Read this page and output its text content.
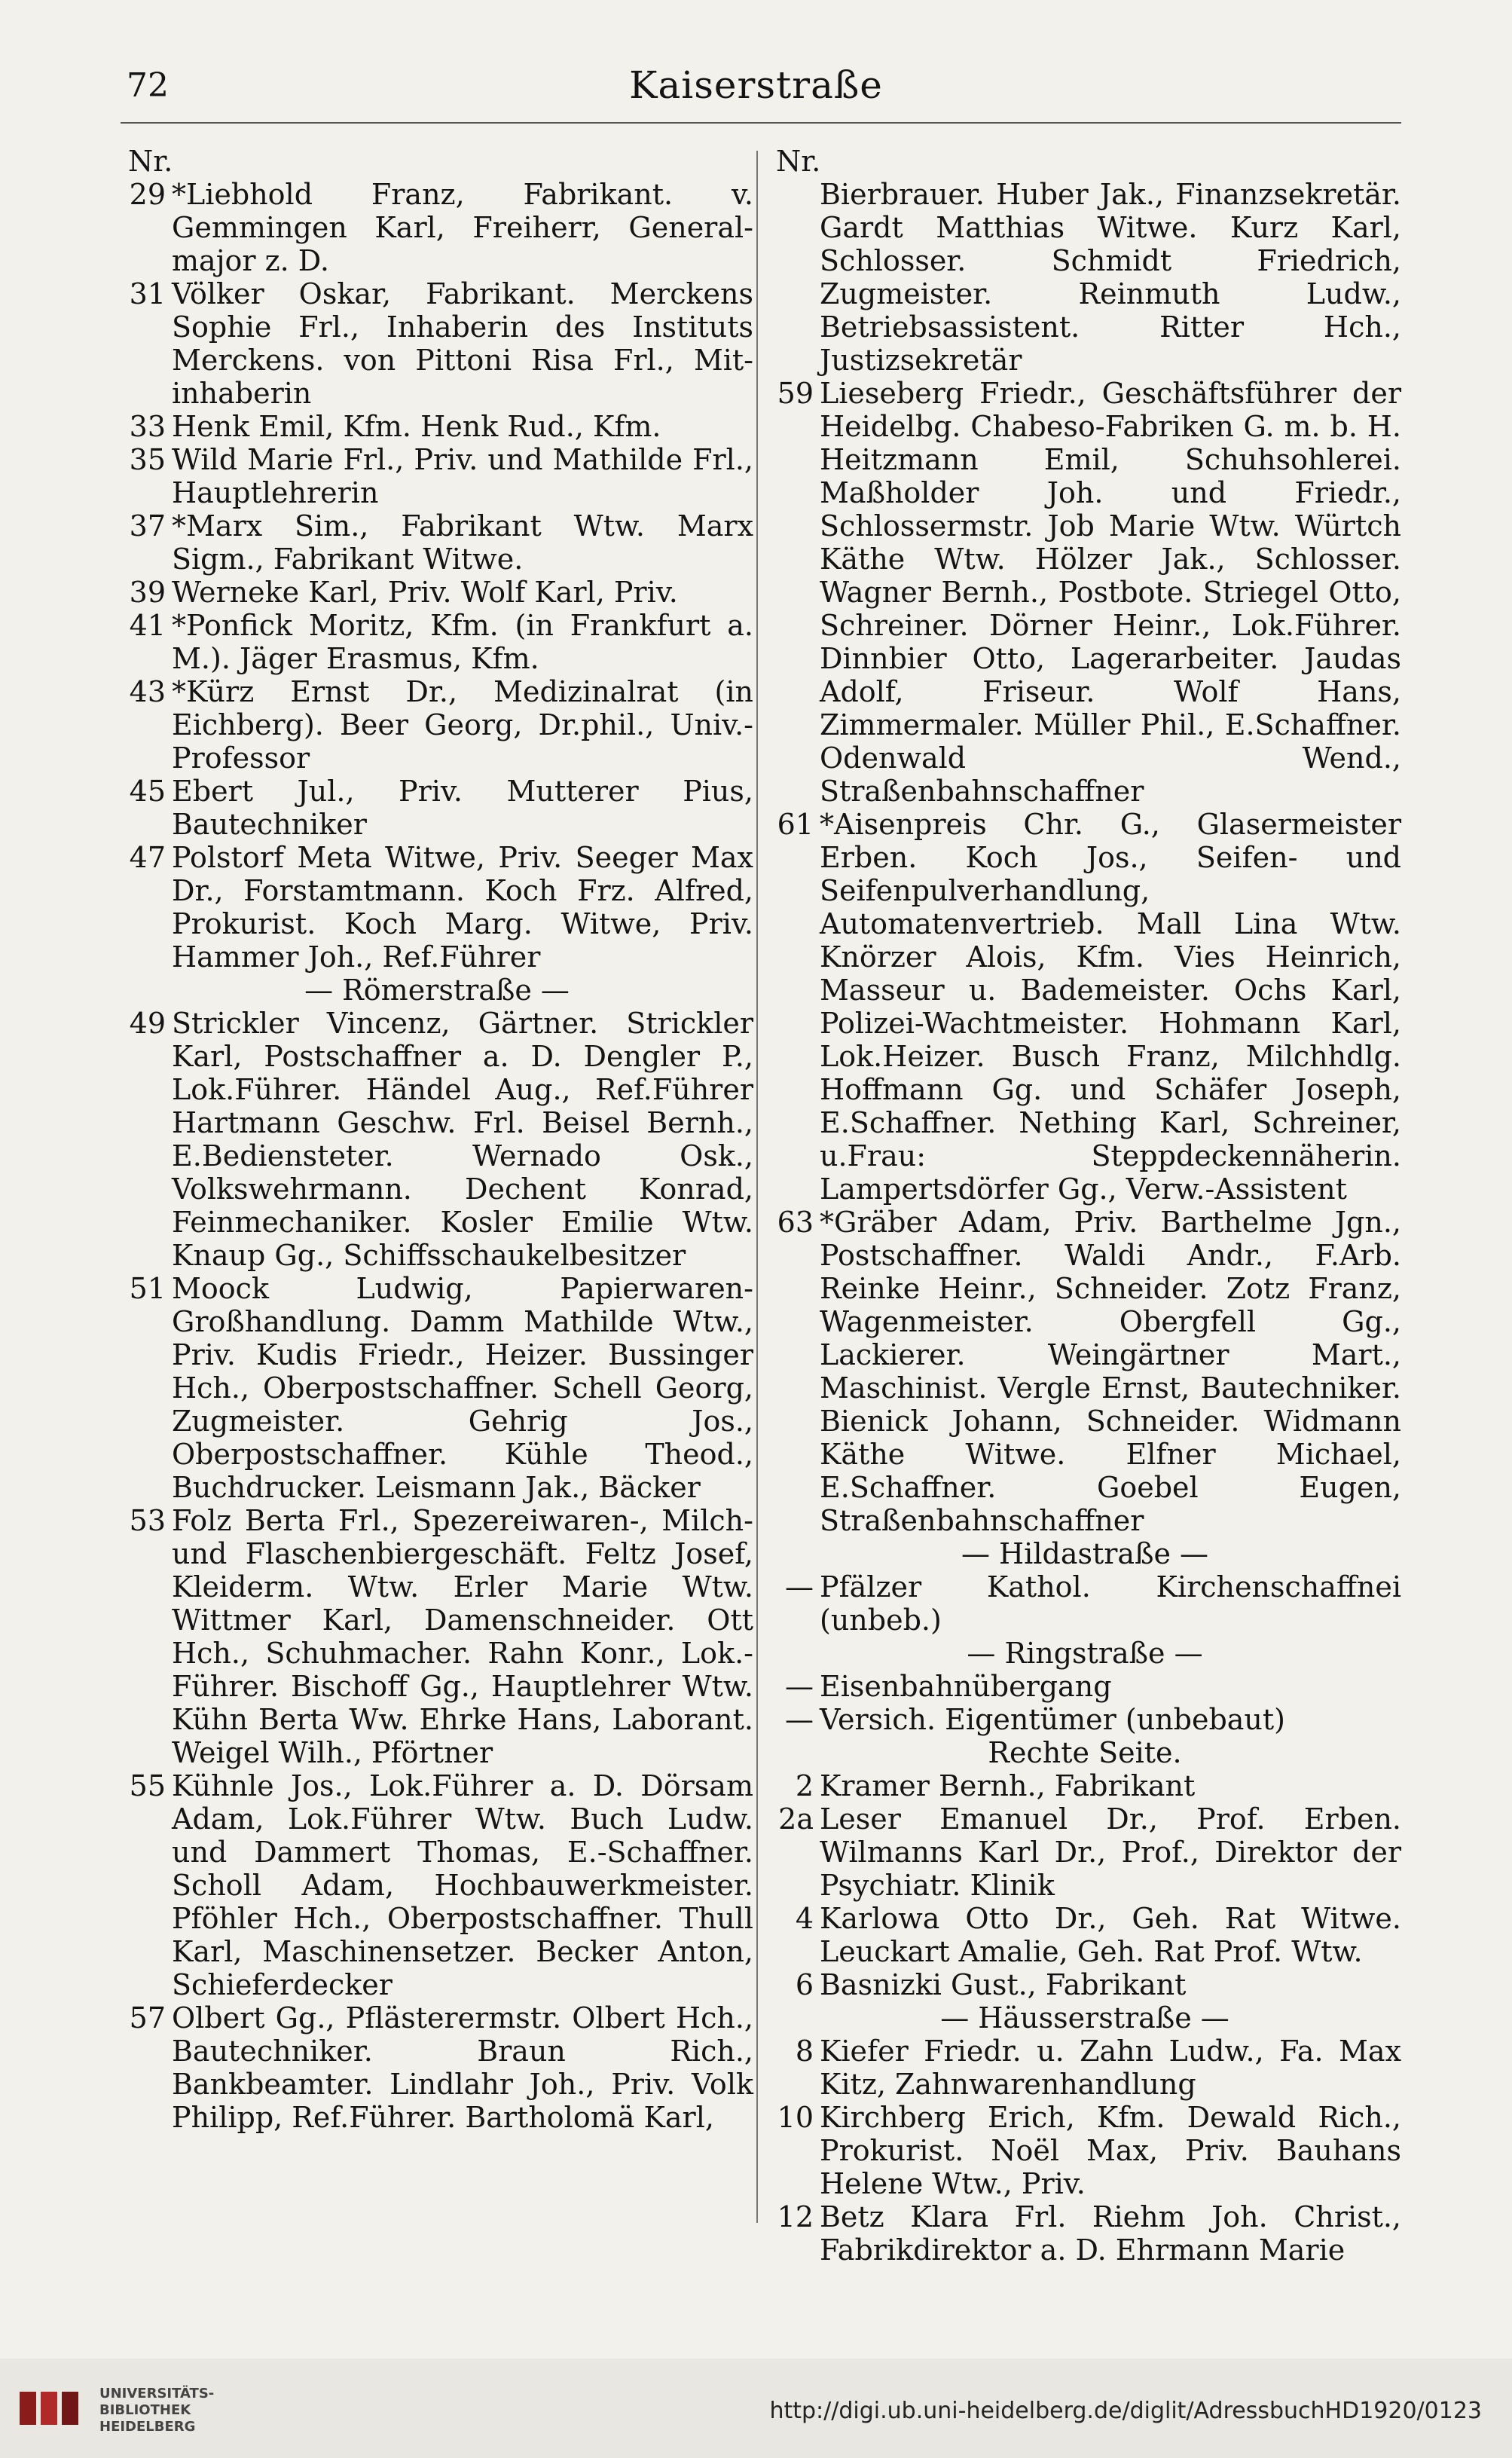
72	Kaiserstraße
Nr.

29 *Liebhold Franz, Fabrikant. v. Gemmingen Karl, Freiherr, General-major z. D.

31 Völker Oskar, Fabrikant. Merckens Sophie Frl., Inhaberin des Instituts Merckens. von Pittoni Risa Frl., Mit-inhaberin

33 Henk Emil, Kfm. Henk Rud., Kfm.

35 Wild Marie Frl., Priv. und Mathilde Frl., Hauptlehrerin

37 *Marx Sim., Fabrikant Wtw. Marx Sigm., Fabrikant Witwe.

39 Werneke Karl, Priv. Wolf Karl, Priv.

41 *Ponfick Moritz, Kfm. (in Frankfurt a. M.). Jäger Erasmus, Kfm.

43 *Kürz Ernst Dr., Medizinalrat (in Eichberg). Beer Georg, Dr.phil., Univ.-Professor

45 Ebert Jul., Priv. Mutterer Pius, Bautechniker

47 Polstorf Meta Witwe, Priv. Seeger Max Dr., Forstamtmann. Koch Frz. Alfred, Prokurist. Koch Marg. Witwe, Priv. Hammer Joh., Ref.Führer

— Römerstraße —

49 Strickler Vincenz, Gärtner. Strickler Karl, Postschaffner a. D. Dengler P., Lok.Führer. Händel Aug., Ref.Führer Hartmann Geschw. Frl. Beisel Bernh., E.Bediensteter. Wernado Osk., Volkswehrmann. Dechent Konrad, Feinmechaniker. Kosler Emilie Wtw. Knaup Gg., Schiffsschaukelbesitzer

51 Moock Ludwig, Papierwaren-Großhandlung. Damm Mathilde Wtw., Priv. Kudis Friedr., Heizer. Bussinger Hch., Oberpostschaffner. Schell Georg, Zugmeister. Gehrig Jos., Oberpostschaffner. Kühle Theod., Buchdrucker. Leismann Jak., Bäcker

53 Folz Berta Frl., Spezereiwaren-, Milch- und Flaschenbiergeschäft. Feltz Josef, Kleiderm. Wtw. Erler Marie Wtw. Wittmer Karl, Damenschneider. Ott Hch., Schuhmacher. Rahn Konr., Lok.-Führer. Bischoff Gg., Hauptlehrer Wtw. Kühn Berta Ww. Ehrke Hans, Laborant. Weigel Wilh., Pförtner

55 Kühnle Jos., Lok.Führer a. D. Dörsam Adam, Lok.Führer Wtw. Buch Ludw. und Dammert Thomas, E.-Schaffner. Scholl Adam, Hochbauwerkmeister. Pföhler Hch., Oberpostschaffner. Thull Karl, Maschinensetzer. Becker Anton, Schieferdecker

57 Olbert Gg., Pflästerermstr. Olbert Hch., Bautechniker. Braun Rich., Bankbeamter. Lindlahr Joh., Priv. Volk Philipp, Ref.Führer. Bartholomä Karl,

Nr.

Bierbrauer. Huber Jak., Finanzsekretär. Gardt Matthias Witwe. Kurz Karl, Schlosser. Schmidt Friedrich, Zugmeister. Reinmuth Ludw., Betriebsassistent. Ritter Hch., Justizsekretär

59 Lieseberg Friedr., Geschäftsführer der Heidelbg. Chabeso-Fabriken G. m. b. H. Heitzmann Emil, Schuhsohlerei. Maßholder Joh. und Friedr., Schlossermstr. Job Marie Wtw. Würtch Käthe Wtw. Hölzer Jak., Schlosser. Wagner Bernh., Postbote. Striegel Otto, Schreiner. Dörner Heinr., Lok.Führer. Dinnbier Otto, Lagerarbeiter. Jaudas Adolf, Friseur. Wolf Hans, Zimmermaler. Müller Phil., E.Schaffner. Odenwald Wend., Straßenbahnschaffner

61 *Aisenpreis Chr. G., Glasermeister Erben. Koch Jos., Seifen- und Seifenpulverhandlung, Automatenvertrieb. Mall Lina Wtw. Knörzer Alois, Kfm. Vies Heinrich, Masseur u. Bademeister. Ochs Karl, Polizei-Wachtmeister. Hohmann Karl, Lok.Heizer. Busch Franz, Milchhdlg. Hoffmann Gg. und Schäfer Joseph, E.Schaffner. Nething Karl, Schreiner, u.Frau: Steppdeckennäherin. Lampertsdörfer Gg., Verw.-Assistent

63 *Gräber Adam, Priv. Barthelme Jgn., Postschaffner. Waldi Andr., F.Arb. Reinke Heinr., Schneider. Zotz Franz, Wagenmeister. Obergfell Gg., Lackierer. Weingärtner Mart., Maschinist. Vergle Ernst, Bautechniker. Bienick Johann, Schneider. Widmann Käthe Witwe. Elfner Michael, E.Schaffner. Goebel Eugen, Straßenbahnschaffner

— Hildastraße —

— Pfälzer Kathol. Kirchenschaffnei (unbeb.)

— Ringstraße —

— Eisenbahnübergang

— Versich. Eigentümer (unbebaut)

Rechte Seite.

2 Kramer Bernh., Fabrikant

2a Leser Emanuel Dr., Prof. Erben. Wilmanns Karl Dr., Prof., Direktor der Psychiatr. Klinik

4 Karlowa Otto Dr., Geh. Rat Witwe. Leuckart Amalie, Geh. Rat Prof. Wtw.

6 Basnizki Gust., Fabrikant

— Häusserstraße —

8 Kiefer Friedr. u. Zahn Ludw., Fa. Max Kitz, Zahnwarenhandlung

10 Kirchberg Erich, Kfm. Dewald Rich., Prokurist. Noël Max, Priv. Bauhans Helene Wtw., Priv.

12 Betz Klara Frl. Riehm Joh. Christ., Fabrikdirektor a. D. Ehrmann Marie

UNIVERSITÄTS-
BIBLIOTHEK
HEIDELBERG
http://digi.ub.uni-heidelberg.de/diglit/AdressbuchHD1920/0123
